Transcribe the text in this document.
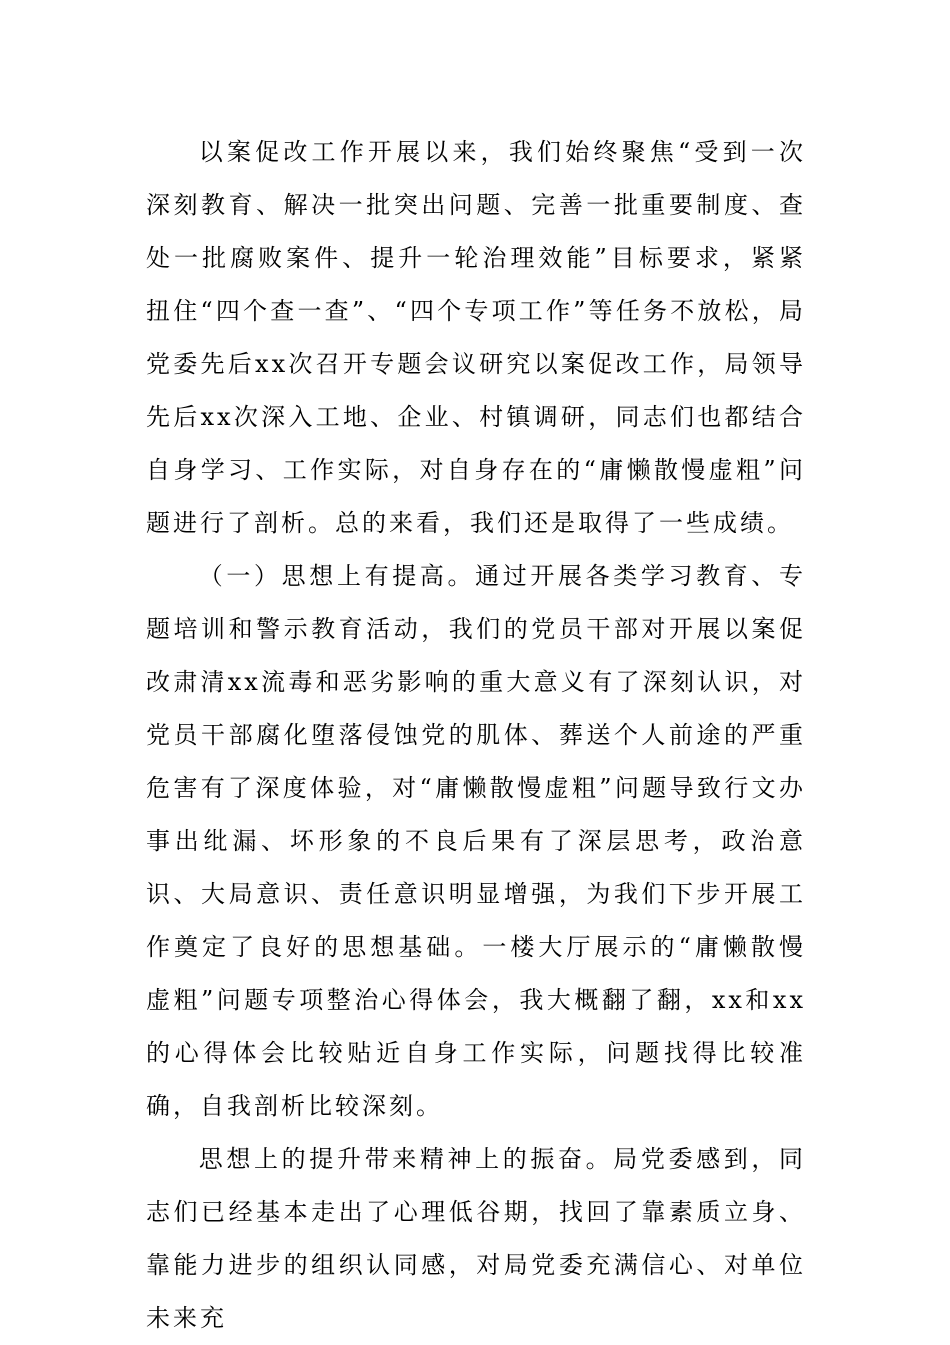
以案促改工作开展以来，我们始终聚焦“受到一次深刻教育、解决一批突出问题、完善一批重要制度、查处一批腐败案件、提升一轮治理效能”目标要求，紧紧扭住“四个查一查”、“四个专项工作”等任务不放松，局党委先后xx次召开专题会议研究以案促改工作，局领导先后xx次深入工地、企业、村镇调研，同志们也都结合自身学习、工作实际，对自身存在的“庸懒散慢虚粗”问题进行了剖析。总的来看，我们还是取得了一些成绩。

（一）思想上有提高。通过开展各类学习教育、专题培训和警示教育活动，我们的党员干部对开展以案促改肃清xx流毒和恶劣影响的重大意义有了深刻认识，对党员干部腐化堕落侵蚀党的肌体、葬送个人前途的严重危害有了深度体验，对“庸懒散慢虚粗”问题导致行文办事出纰漏、坏形象的不良后果有了深层思考，政治意识、大局意识、责任意识明显增强，为我们下步开展工作奠定了良好的思想基础。一楼大厅展示的“庸懒散慢虚粗”问题专项整治心得体会，我大概翻了翻，xx和xx的心得体会比较贴近自身工作实际，问题找得比较准确，自我剖析比较深刻。

思想上的提升带来精神上的振奋。局党委感到，同志们已经基本走出了心理低谷期，找回了靠素质立身、靠能力进步的组织认同感，对局党委充满信心、对单位未来充
